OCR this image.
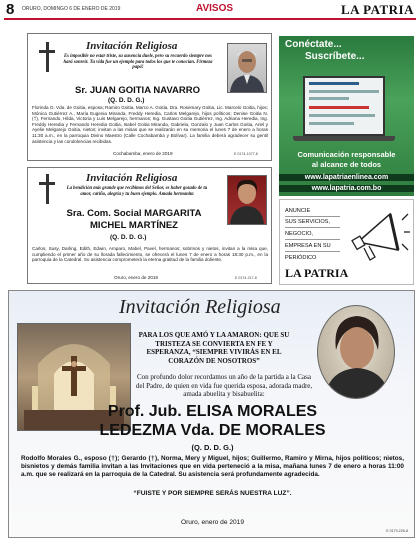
8 ORURO, DOMINGO 6 DE ENERO DE 2019	AVISOS	LA PATRIA
Invitación Religiosa
Es imposible no estar triste, su ausencia duele, pero su recuerdo siempre nos hará sonreír. Tu vida fue un ejemplo para todos los que te conocían. Firmeza papá!
Sr. JUAN GOITIA NAVARRO
(Q. D. D. G.)
Florinda O. Vda. de Goitia, esposa; Ramiro Goitia, Marco A. Goitia, Dra. Rosemary Goitia, Lic. Marcelo Goitia, hijos; Mónica Gutiérrez A., María Eugenia Miranda, Freddy Heredia, Carlos Melgarejo, hijos políticos; Denise Goitia N. (†), Fernando, Hilda, Victoria y Luis Melgarejo, hermanos; Ing. Gustavo Goitia Gutiérrez, Ing. Adriana Heredia, Ing. Freddy Heredia y Fernando Heredia Goitia, Isabel Goitia Miranda, Gabriela, Gonzalo y Juan Carlos Goitia, Ariel y Ayelie Melgarejo Goitia, nietos; invitan a las misas que se realizarán en su memoria el lunes 7 de enero a horas 11:30 a.m., en la parroquia Divino Maestro (Calle Cochabamba y Bolívar). La familia deberá agradecer su gentil asistencia y las condolencias recibidas.
Cochabamba, enero de 2019	E 0174-1077-8
Invitación Religiosa
La bendición más grande que recibimos del Señor, es haber gozado de tu amor, cariño, alegría y tu buen ejemplo. Amada hermanita
Sra. Com. Social MARGARITA
MICHEL MARTÍNEZ
(Q. D. D. G.)
Carlos, Susy, Darling, Edith, Edwin, Amparo, Mabel, Pavel, hermanos; sobrinos y nietos, invitan a la misa que, cumpliendo el primer año de su llorada fallecimiento, se ofrecerá el lunes 7 de enero a horas 18:30 p.m., en la parroquia de la Catedral. Su asistencia comprometerá la eterna gratitud de la familia doliente.
Oruro, enero de 2019	E 0174-217-8
Conéctate...
Suscríbete...
Comunicación responsable
al alcance de todos
www.lapatriaenlinea.com
www.lapatria.com.bo
ANUNCIE
SUS SERVICIOS,
NEGOCIO,
EMPRESA EN SU
PERIÓDICO
LA PATRIA
Invitación Religiosa
PARA LOS QUE AMÓ Y LA AMARON: QUE SU TRISTEZA SE CONVIERTA EN FE Y ESPERANZA, “SIEMPRE VIVIRÁS EN EL CORAZÓN DE NOSOTROS”
Con profundo dolor recordamos un año de la partida a la Casa del Padre, de quien en vida fue querida esposa, adorada madre, amada abuelita y bisabuelita:
Prof. Jub. ELISA MORALES
LEDEZMA Vda. DE MORALES
(Q. D. D. G.)
Rodolfo Morales G., esposo (†); Gerardo (†), Norma, Mery y Miguel, hijos; Guillermo, Ramiro y Mirna, hijos políticos; nietos, bisnietos y demás familia invitan a las Invitaciones que en vida perteneció a la misa, mañana lunes 7 de enero a horas 11:00 a.m. que se realizará en la parroquia de la Catedral. Su asistencia será profundamente agradecida.
“FUISTE Y POR SIEMPRE SERÁS NUESTRA LUZ”.
Oruro, enero de 2019
E 0179-226-8
